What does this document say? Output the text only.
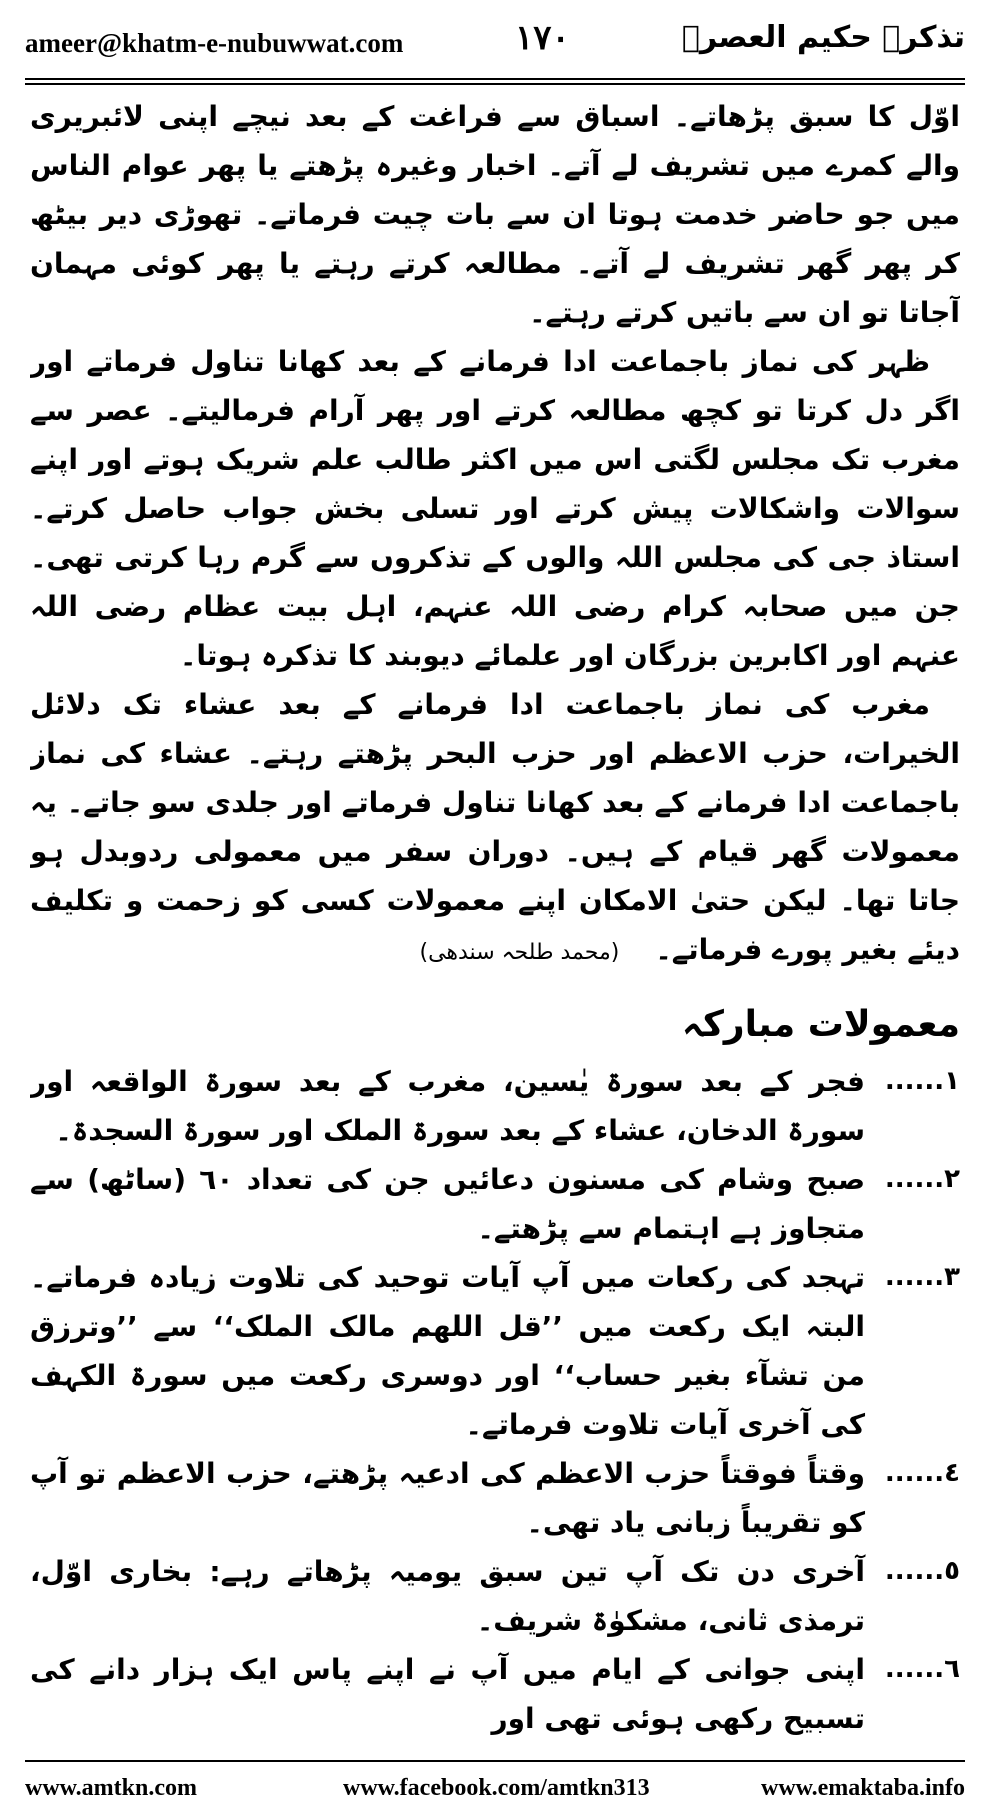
ameer@khatm-e-nubuwwat.com	١٧٠	تذکرہ حکیم العصرؒ

اوّل کا سبق پڑھاتے۔ اسباق سے فراغت کے بعد نیچے اپنی لائبریری والے کمرے میں تشریف لے آتے۔ اخبار وغیرہ پڑھتے یا پھر عوام الناس میں جو حاضر خدمت ہوتا ان سے بات چیت فرماتے۔ تھوڑی دیر بیٹھ کر پھر گھر تشریف لے آتے۔ مطالعہ کرتے رہتے یا پھر کوئی مہمان آجاتا تو ان سے باتیں کرتے رہتے۔

ظہر کی نماز باجماعت ادا فرمانے کے بعد کھانا تناول فرماتے اور اگر دل کرتا تو کچھ مطالعہ کرتے اور پھر آرام فرمالیتے۔ عصر سے مغرب تک مجلس لگتی اس میں اکثر طالب علم شریک ہوتے اور اپنے سوالات واشکالات پیش کرتے اور تسلی بخش جواب حاصل کرتے۔ استاذ جی کی مجلس اللہ والوں کے تذکروں سے گرم رہا کرتی تھی۔ جن میں صحابہ کرام رضی اللہ عنہم، اہل بیت عظام رضی اللہ عنہم اور اکابرین بزرگان اور علمائے دیوبند کا تذکرہ ہوتا۔

مغرب کی نماز باجماعت ادا فرمانے کے بعد عشاء تک دلائل الخیرات، حزب الاعظم اور حزب البحر پڑھتے رہتے۔ عشاء کی نماز باجماعت ادا فرمانے کے بعد کھانا تناول فرماتے اور جلدی سو جاتے۔ یہ معمولات گھر قیام کے ہیں۔ دوران سفر میں معمولی ردوبدل ہو جاتا تھا۔ لیکن حتیٰ الامکان اپنے معمولات کسی کو زحمت و تکلیف دیئے بغیر پورے فرماتے۔(محمد طلحہ سندھی)

معمولات مبارکہ
١......

فجر کے بعد سورۃ یٰسین، مغرب کے بعد سورۃ الواقعہ اور سورۃ الدخان، عشاء کے بعد سورۃ الملک اور سورۃ السجدۃ۔

٢......

صبح وشام کی مسنون دعائیں جن کی تعداد ٦٠ (ساٹھ) سے متجاوز ہے اہتمام سے پڑھتے۔

٣......

تہجد کی رکعات میں آپ آیات توحید کی تلاوت زیادہ فرماتے۔ البتہ ایک رکعت میں ’’قل اللھم مالک الملک‘‘ سے ’’وترزق من تشآء بغیر حساب‘‘ اور دوسری رکعت میں سورۃ الکہف کی آخری آیات تلاوت فرماتے۔

٤......

وقتاً فوقتاً حزب الاعظم کی ادعیہ پڑھتے، حزب الاعظم تو آپ کو تقریباً زبانی یاد تھی۔

٥......

آخری دن تک آپ تین سبق یومیہ پڑھاتے رہے: بخاری اوّل، ترمذی ثانی، مشکوٰۃ شریف۔

٦......

اپنی جوانی کے ایام میں آپ نے اپنے پاس ایک ہزار دانے کی تسبیح رکھی ہوئی تھی اور

www.amtkn.com	www.facebook.com/amtkn313	www.emaktaba.info
